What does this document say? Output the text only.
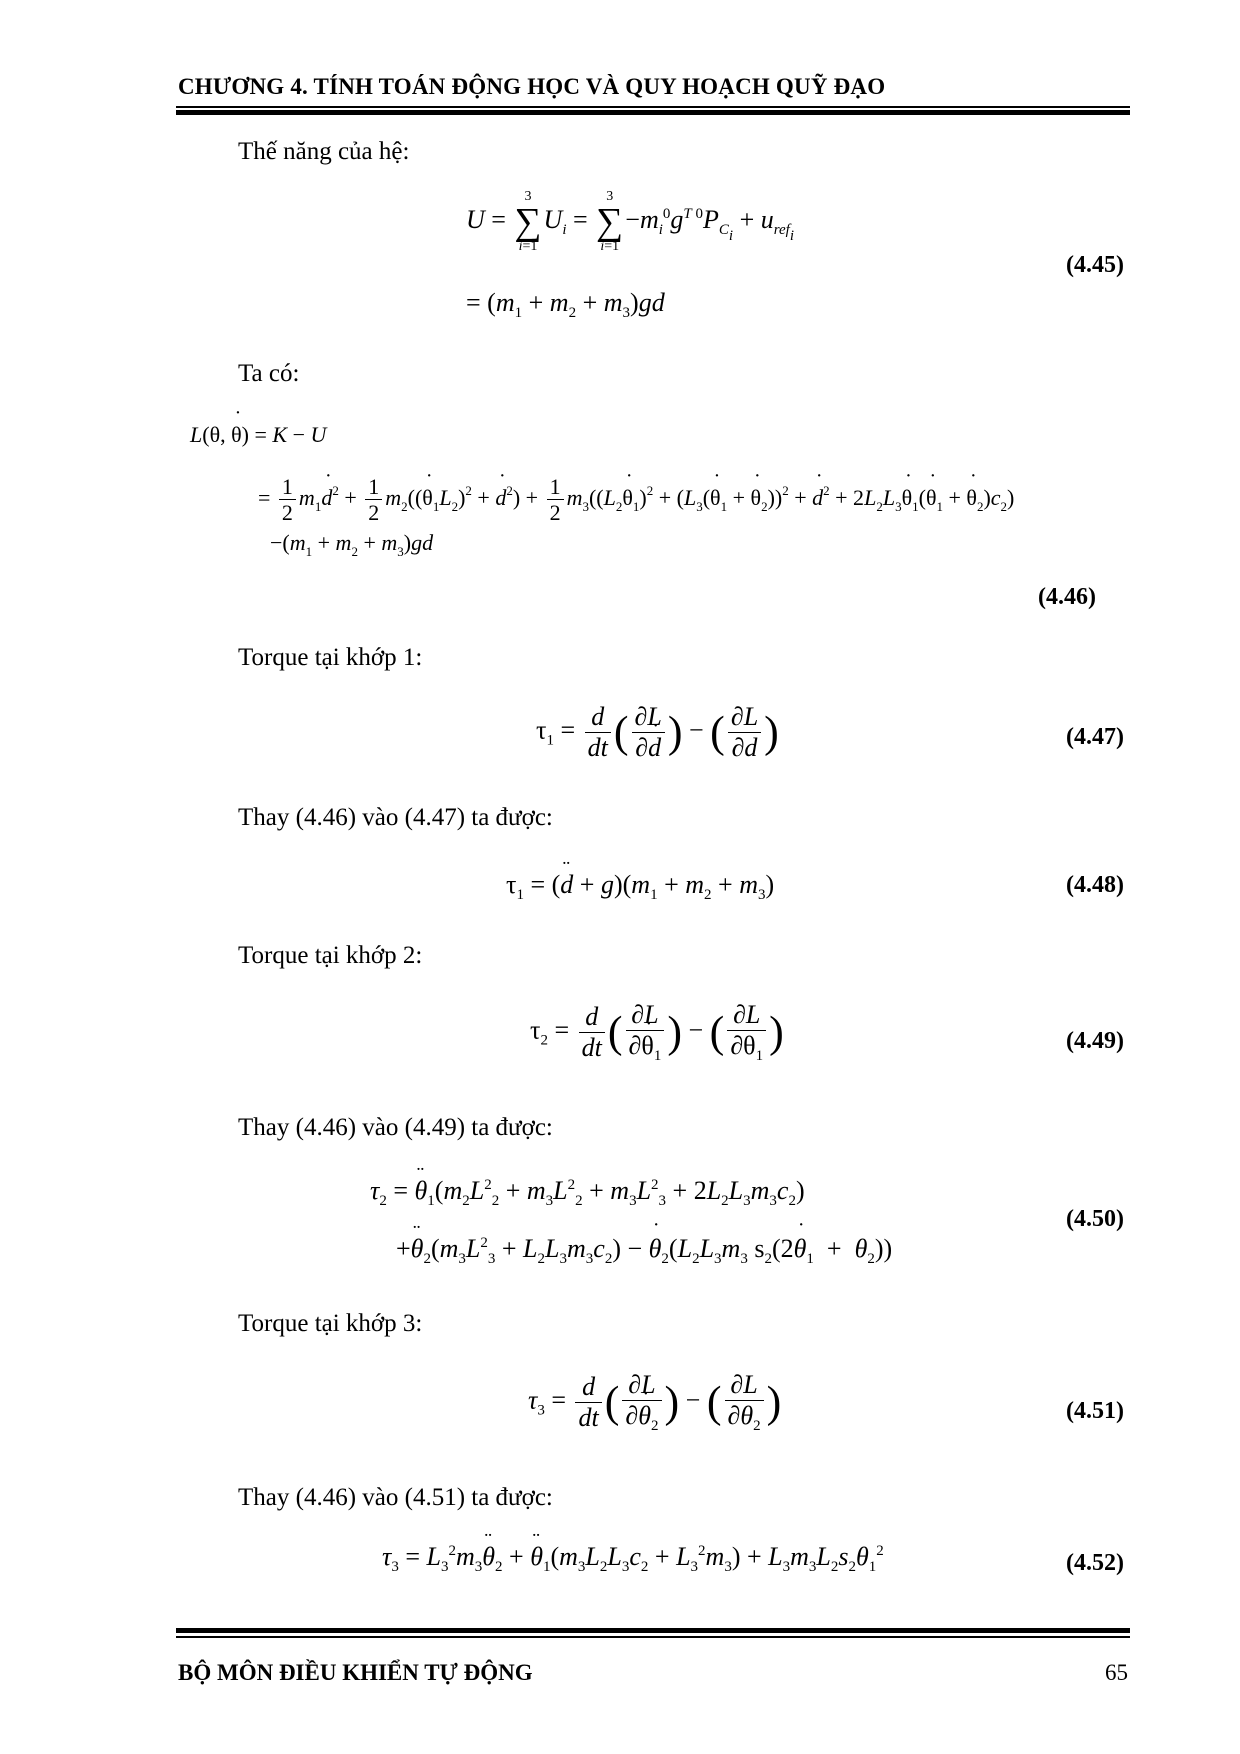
CHƯƠNG 4. TÍNH TOÁN ĐỘNG HỌC VÀ QUY HOẠCH QUỸ ĐẠO
Thế năng của hệ:
U =
3
∑
i=1
$U_i$ =
3
∑
i=1
$-m_i^0g^{T 0}P_{C_i} + u_{ref_i}$
= $(m_1 + m_2 + m_3)gd$
(4.45)
Ta có:
L(θ, θ ˙) = K − U
= $\frac{1}{2} m_1d$ ˙$^2$ + $\frac{1}{2} m_2((\theta$ $˙_1L_2)^2 + d$ ˙$^2$) + $\frac{1}{2} m_3((L_2\theta$ $˙_1)^2 + (L_3(\theta$ $˙_1 + \theta$ $˙_2))^2 + d$ ˙$^2$ + $2L_2L_3\theta$ $˙_1(\theta$ $˙_1 + \theta$ $˙_2)c_2$)
$-(m_1 + m_2 + m_3)gd$
(4.46)
Torque tại khớp 1:
$\tau_1 = \frac{d}{dt}$ ( $\frac{\partial L}{\partial d}$ ˙ ) − ( $\frac{\partial L}{\partial d}$ )	(4.47)
Thay (4.46) vào (4.47) ta được:
$\tau_1 = (d$ ¨ + $g)(m_1 + m_2 + m_3)$	(4.48)
Torque tại khớp 2:
$\tau_2 = \frac{d}{dt}$ ( $\frac{\partial L}{\partial\theta ˙_1}$ ) − ( $\frac{\partial L}{\partial\theta_1}$ )	(4.49)
Thay (4.46) vào (4.49) ta được:
$\tau_2 = \theta$ $¨_1(m_2L^2_2 + m_3L^2_2 + m_3L^2_3 + 2L_2L_3m_3c_2)$
+θ $¨_2(m_3L^2_3 + L_2L_3m_3c_2) - \theta$ $˙_2(L_2L_3m_3$ $s_2(2\theta$ $˙_1 + \theta_2$))
(4.50)
Torque tại khớp 3:
$\tau_3 = \frac{d}{dt}$ ( $\frac{\partial L}{\partial\theta ˙_2}$ ) − ( $\frac{\partial L}{\partial\theta_2}$ )	(4.51)
Thay (4.46) vào (4.51) ta được:
$\tau_3 = L_3^2m_3\theta$ $¨_2 + \theta$ $¨_1(m_3L_2L_3c_2 + L_3^2m_3) + L_3m_3L_2s_2\theta_1^2$	(4.52)
BỘ MÔN ĐIỀU KHIỂN TỰ ĐỘNG	65
